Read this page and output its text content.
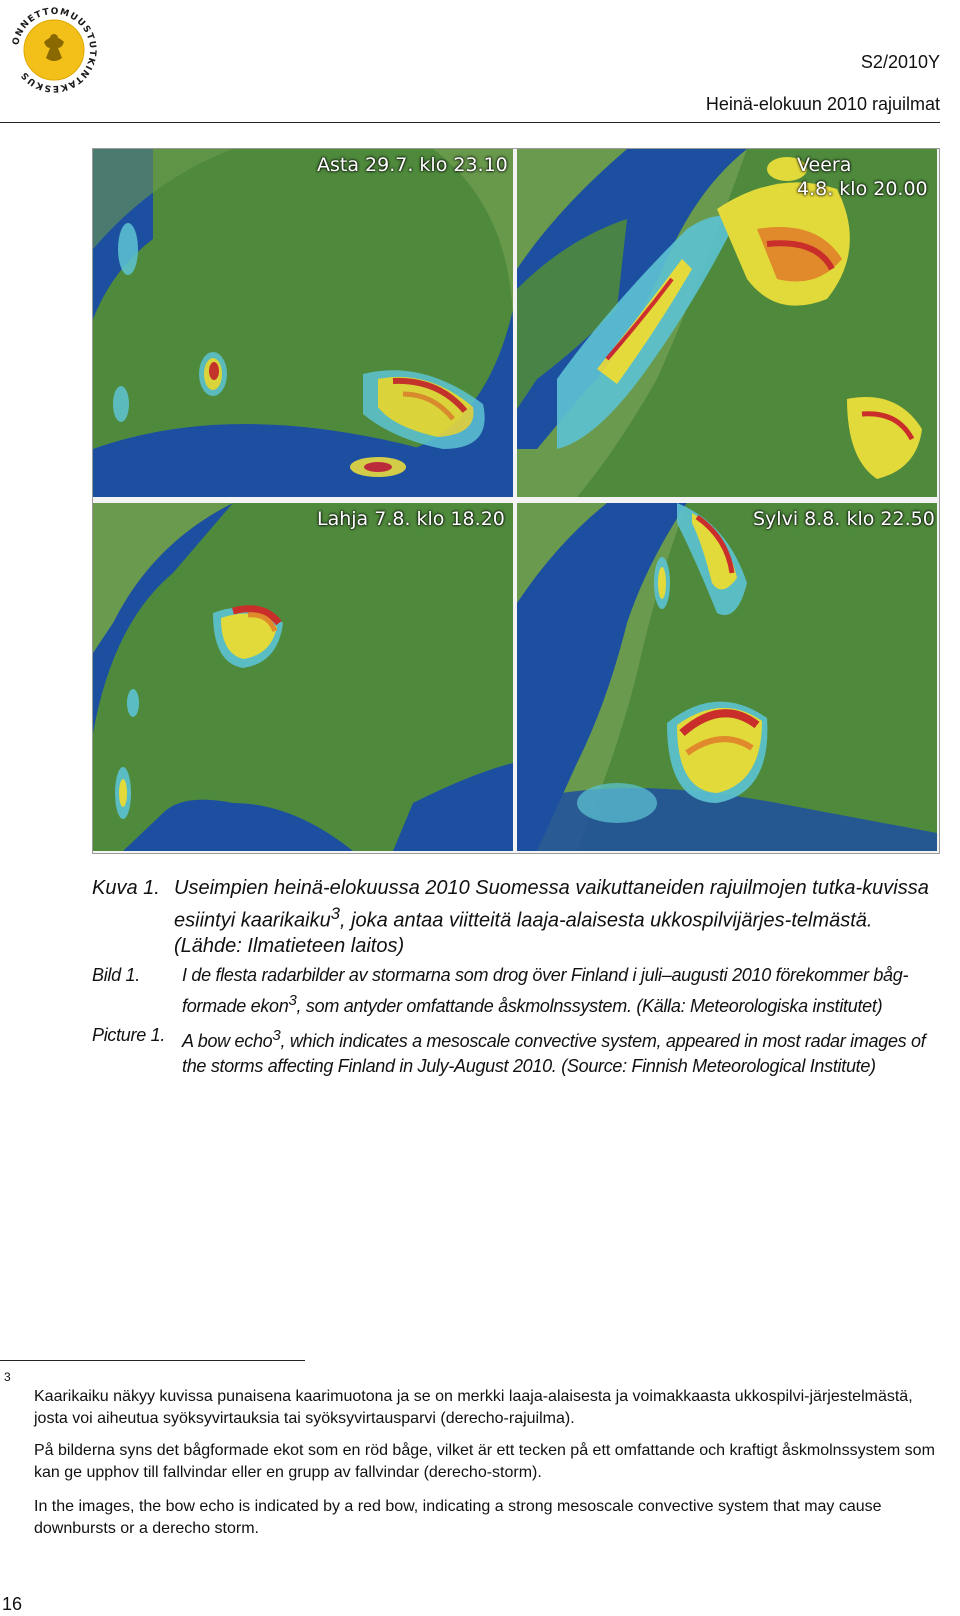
ONNETTOMUUSTUTKINTAKESKUS
S2/2010Y
Heinä-elokuun 2010 rajuilmat
Asta 29.7. klo 23.10	Veera
4.8. klo 20.00
Lahja 7.8. klo 18.20	Sylvi 8.8. klo 22.50
Kuva 1. Useimpien heinä-elokuussa 2010 Suomessa vaikuttaneiden rajuilmojen tutka-kuvissa esiintyi kaarikaiku$^3$, joka antaa viitteitä laaja-alaisesta ukkospilvijärjes-telmästä. (Lähde: Ilmatieteen laitos)
Bild 1.	I de flesta radarbilder av stormarna som drog över Finland i juli–augusti 2010 förekommer båg-formade ekon$^3$, som antyder omfattande åskmolnssystem. (Källa: Meteorologiska institutet)
Picture 1. A bow echo$^3$, which indicates a mesoscale convective system, appeared in most radar images of the storms affecting Finland in July-August 2010. (Source: Finnish Meteorological Institute)
3
Kaarikaiku näkyy kuvissa punaisena kaarimuotona ja se on merkki laaja-alaisesta ja voimakkaasta ukkospilvi-järjestelmästä, josta voi aiheutua syöksyvirtauksia tai syöksyvirtausparvi (derecho-rajuilma).
På bilderna syns det bågformade ekot som en röd båge, vilket är ett tecken på ett omfattande och kraftigt åskmolnssystem som kan ge upphov till fallvindar eller en grupp av fallvindar (derecho-storm).
In the images, the bow echo is indicated by a red bow, indicating a strong mesoscale convective system that may cause downbursts or a derecho storm.
16
